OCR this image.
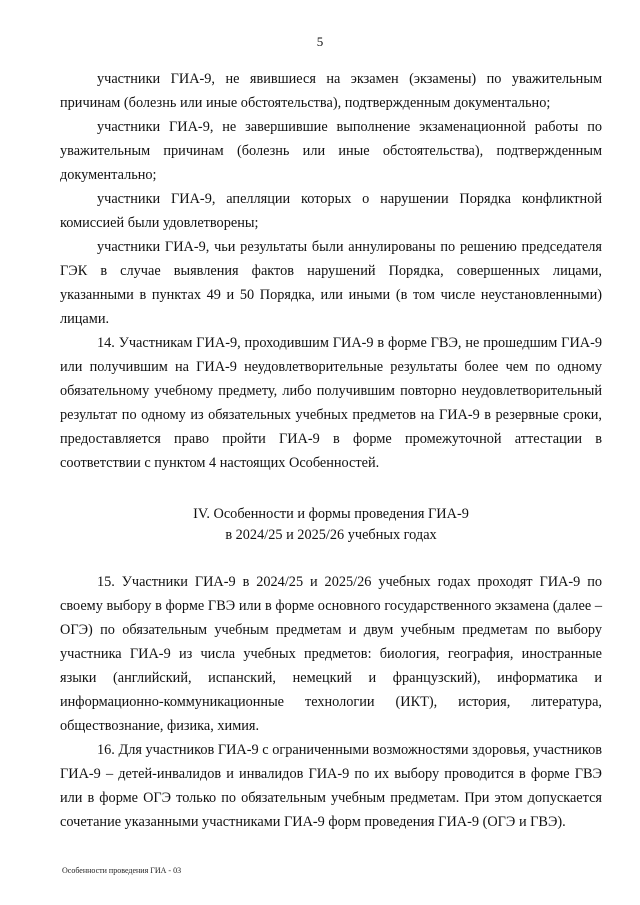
5

участники ГИА-9, не явившиеся на экзамен (экзамены) по уважительным причинам (болезнь или иные обстоятельства), подтвержденным документально;

участники ГИА-9, не завершившие выполнение экзаменационной работы по уважительным причинам (болезнь или иные обстоятельства), подтвержденным документально;

участники ГИА-9, апелляции которых о нарушении Порядка конфликтной комиссией были удовлетворены;

участники ГИА-9, чьи результаты были аннулированы по решению председателя ГЭК в случае выявления фактов нарушений Порядка, совершенных лицами, указанными в пунктах 49 и 50 Порядка, или иными (в том числе неустановленными) лицами.

14. Участникам ГИА-9, проходившим ГИА-9 в форме ГВЭ, не прошедшим ГИА-9 или получившим на ГИА-9 неудовлетворительные результаты более чем по одному обязательному учебному предмету, либо получившим повторно неудовлетворительный результат по одному из обязательных учебных предметов на ГИА-9 в резервные сроки, предоставляется право пройти ГИА-9 в форме промежуточной аттестации в соответствии с пунктом 4 настоящих Особенностей.

IV. Особенности и формы проведения ГИА-9
в 2024/25 и 2025/26 учебных годах

15. Участники ГИА-9 в 2024/25 и 2025/26 учебных годах проходят ГИА-9 по своему выбору в форме ГВЭ или в форме основного государственного экзамена (далее – ОГЭ) по обязательным учебным предметам и двум учебным предметам по выбору участника ГИА-9 из числа учебных предметов: биология, география, иностранные языки (английский, испанский, немецкий и французский), информатика и информационно-коммуникационные технологии (ИКТ), история, литература, обществознание, физика, химия.

16. Для участников ГИА-9 с ограниченными возможностями здоровья, участников ГИА-9 – детей-инвалидов и инвалидов ГИА-9 по их выбору проводится в форме ГВЭ или в форме ОГЭ только по обязательным учебным предметам. При этом допускается сочетание указанными участниками ГИА-9 форм проведения ГИА-9 (ОГЭ и ГВЭ).

Особенности проведения ГИА - 03
